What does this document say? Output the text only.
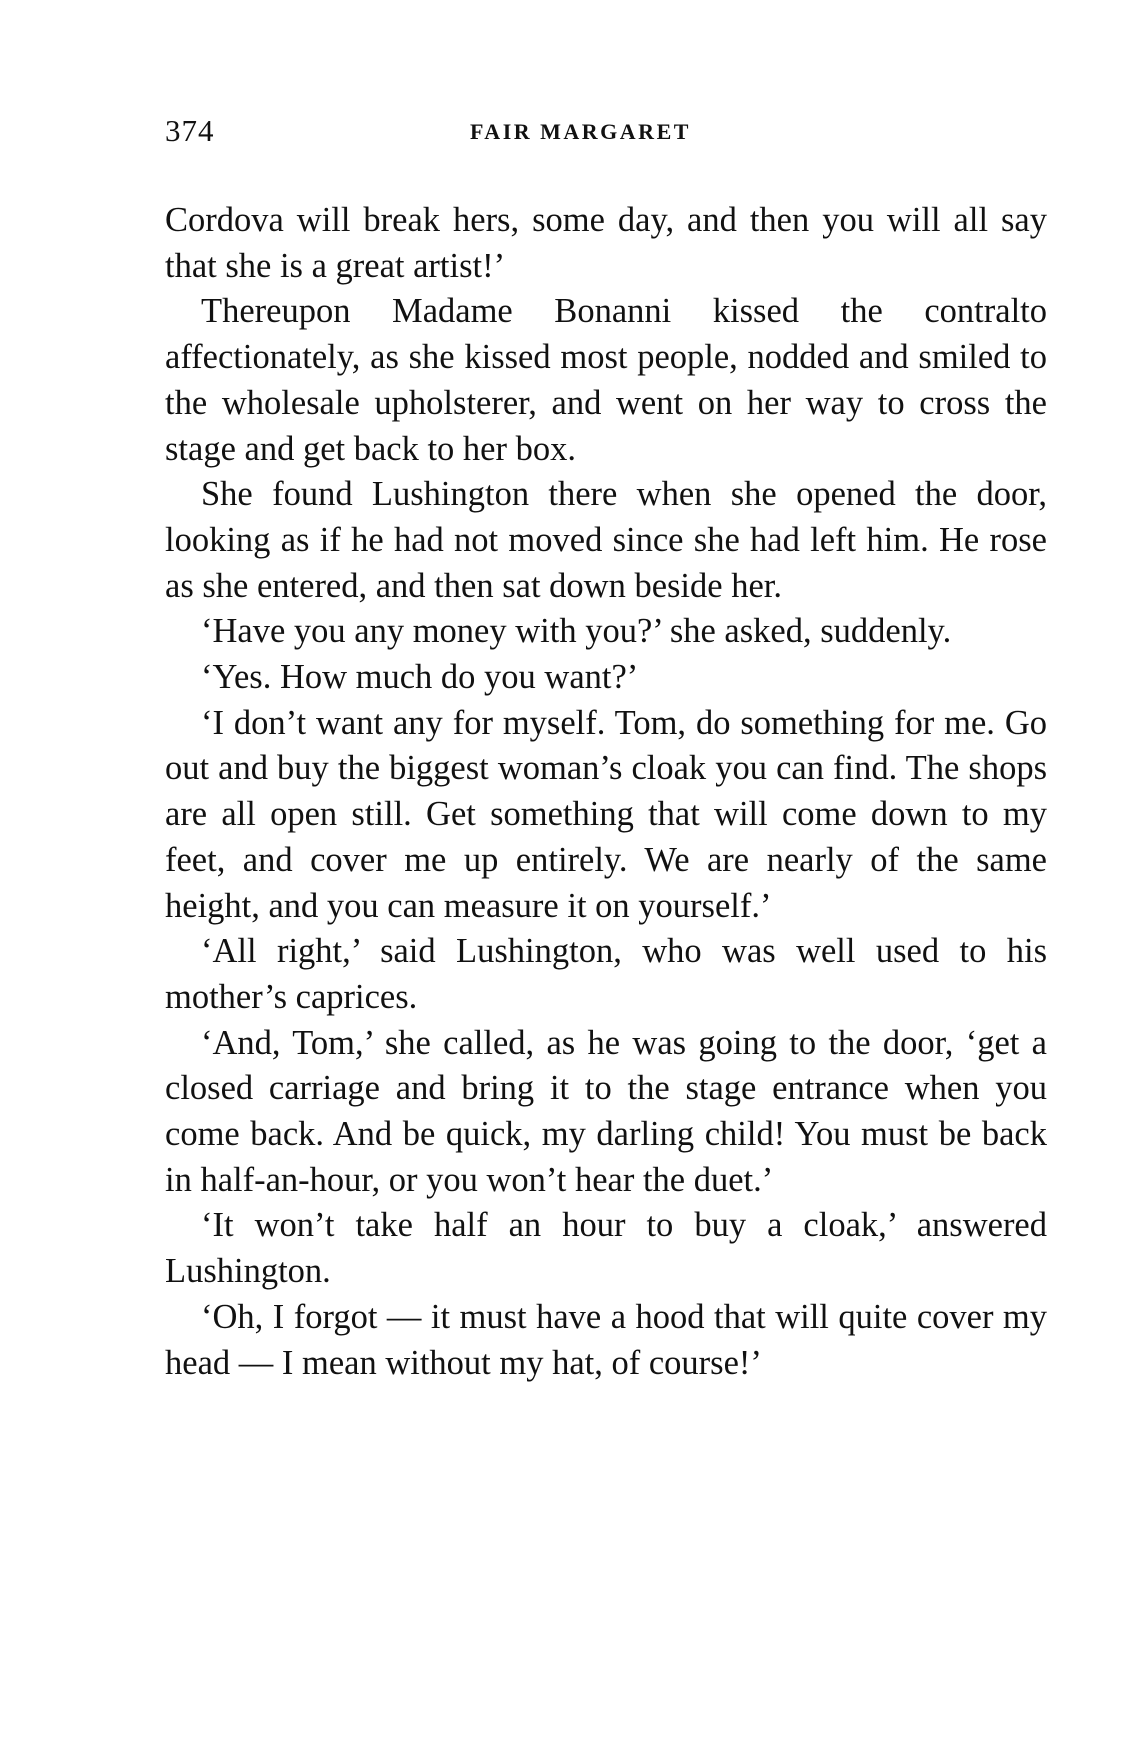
374	FAIR MARGARET

Cordova will break hers, some day, and then you will all say that she is a great artist!’

Thereupon Madame Bonanni kissed the contralto affectionately, as she kissed most people, nodded and smiled to the wholesale upholsterer, and went on her way to cross the stage and get back to her box.

She found Lushington there when she opened the door, looking as if he had not moved since she had left him. He rose as she entered, and then sat down beside her.

‘Have you any money with you?’ she asked, suddenly.

‘Yes. How much do you want?’

‘I don’t want any for myself. Tom, do something for me. Go out and buy the biggest woman’s cloak you can find. The shops are all open still. Get something that will come down to my feet, and cover me up entirely. We are nearly of the same height, and you can measure it on yourself.’

‘All right,’ said Lushington, who was well used to his mother’s caprices.

‘And, Tom,’ she called, as he was going to the door, ‘get a closed carriage and bring it to the stage entrance when you come back. And be quick, my darling child! You must be back in half-an-hour, or you won’t hear the duet.’

‘It won’t take half an hour to buy a cloak,’ answered Lushington.

‘Oh, I forgot — it must have a hood that will quite cover my head — I mean without my hat, of course!’
